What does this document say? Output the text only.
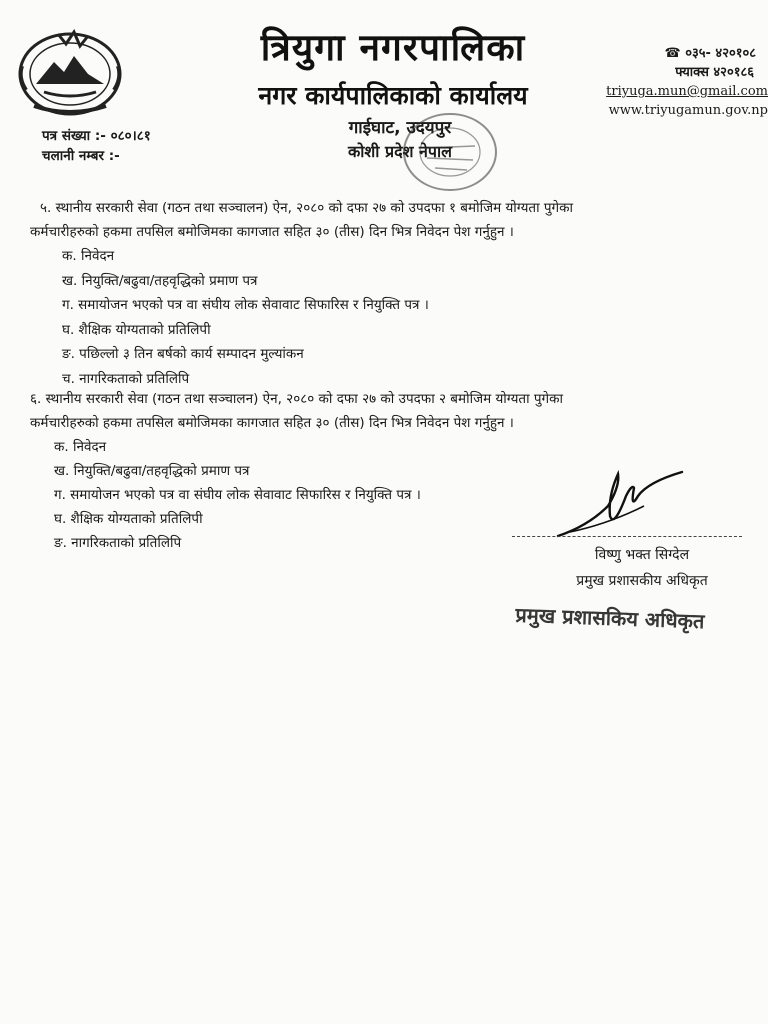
त्रियुगा नगरपालिका
नगर कार्यपालिकाको कार्यालय
गाईघाट, उदयपुर
कोशी प्रदेश नेपाल
☎ ०३५- ४२०१०८
फ्याक्स ४२०१८६
triyuga.mun@gmail.com
www.triyugamun.gov.np
पत्र संख्या :- ०८०।८१
चलानी नम्बर :-

५. स्थानीय सरकारी सेवा (गठन तथा सञ्चालन) ऐन, २०८० को दफा २७ को उपदफा १ बमोजिम योग्यता पुगेका

कर्मचारीहरुको हकमा तपसिल बमोजिमका कागजात सहित ३० (तीस) दिन भित्र निवेदन पेश गर्नुहुन ।

क. निवेदन

ख. नियुक्ति/बढुवा/तहवृद्धिको प्रमाण पत्र

ग. समायोजन भएको पत्र वा संघीय लोक सेवावाट सिफारिस र नियुक्ति पत्र ।

घ. शैक्षिक योग्यताको प्रतिलिपी

ङ. पछिल्लो ३ तिन बर्षको कार्य सम्पादन मुल्यांकन

च. नागरिकताको प्रतिलिपि

६. स्थानीय सरकारी सेवा (गठन तथा सञ्चालन) ऐन, २०८० को दफा २७ को उपदफा २ बमोजिम योग्यता पुगेका

कर्मचारीहरुको हकमा तपसिल बमोजिमका कागजात सहित ३० (तीस) दिन भित्र निवेदन पेश गर्नुहुन ।

क. निवेदन

ख. नियुक्ति/बढुवा/तहवृद्धिको प्रमाण पत्र

ग. समायोजन भएको पत्र वा संघीय लोक सेवावाट सिफारिस र नियुक्ति पत्र ।

घ. शैक्षिक योग्यताको प्रतिलिपी

ङ. नागरिकताको प्रतिलिपि

विष्णु भक्त सिग्देल
प्रमुख प्रशासकीय अधिकृत
प्रमुख प्रशासकिय अधिकृत
